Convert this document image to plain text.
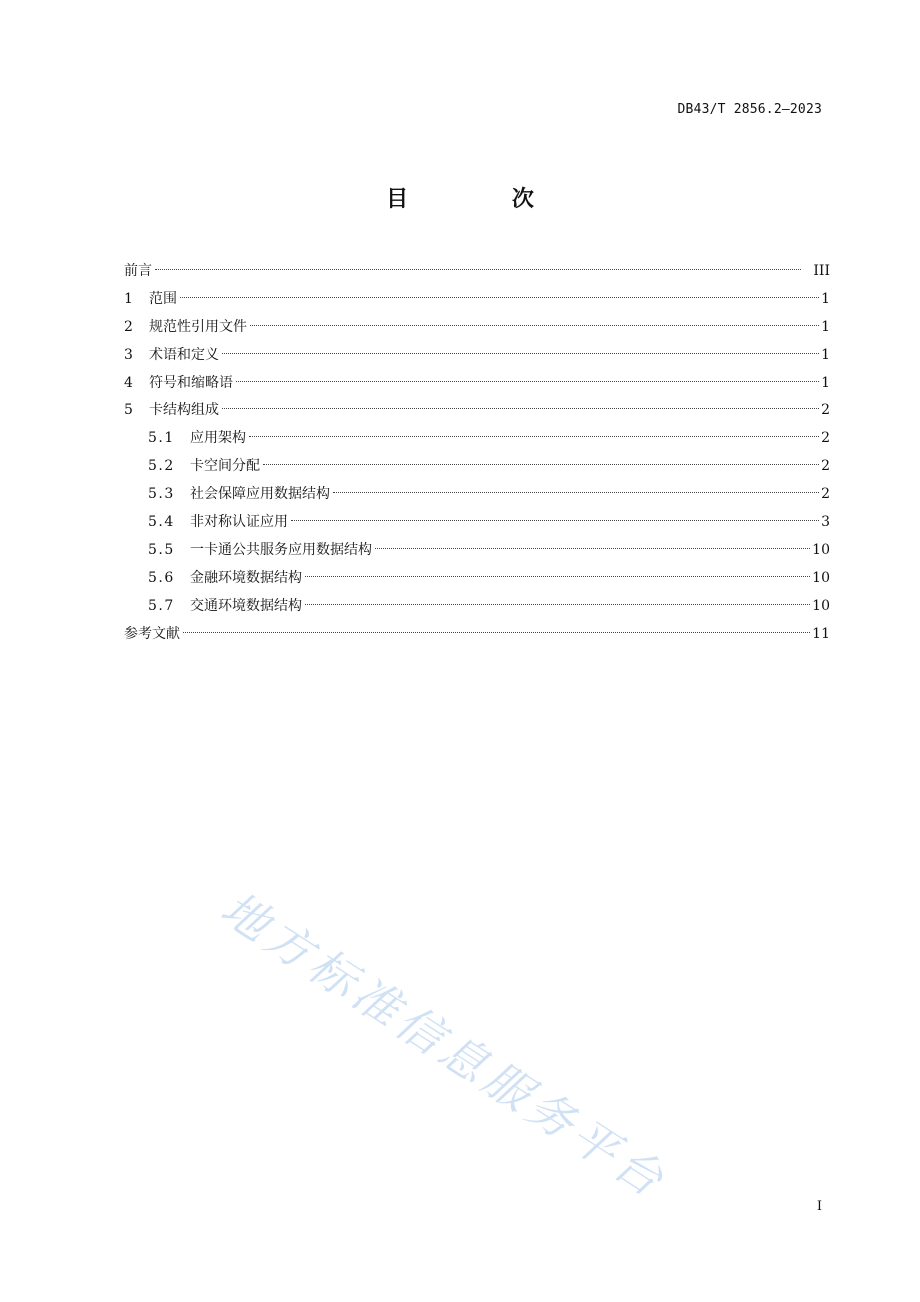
DB43/T 2856.2—2023
目 次
前言	III
1	范围	1
2	规范性引用文件	1
3	术语和定义	1
4	符号和缩略语	1
5	卡结构组成	2
5.1	应用架构	2
5.2	卡空间分配	2
5.3	社会保障应用数据结构	2
5.4	非对称认证应用	3
5.5	一卡通公共服务应用数据结构	10
5.6	金融环境数据结构	10
5.7	交通环境数据结构	10
参考文献	11
地方标准信息服务平台	I
